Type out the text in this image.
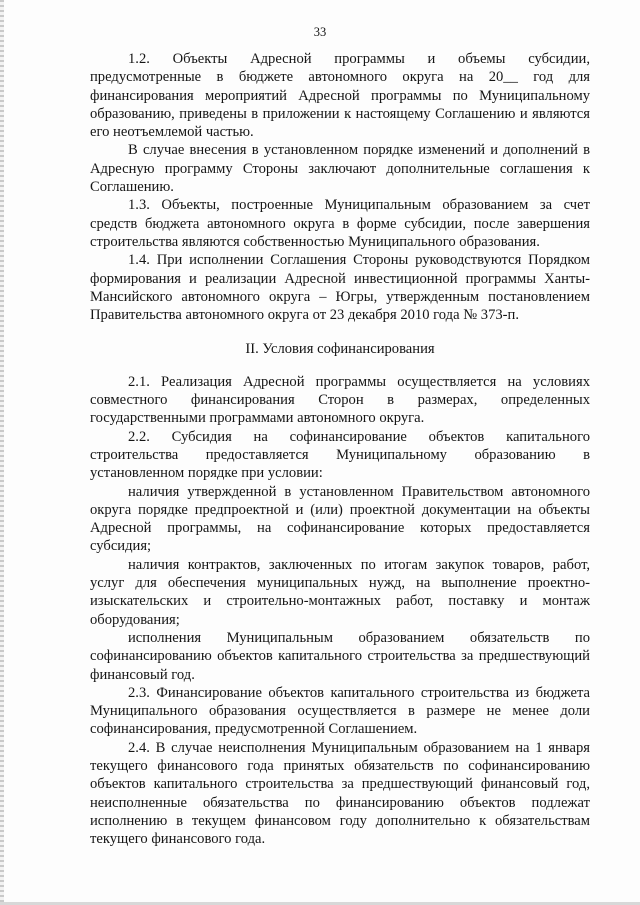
33

1.2. Объекты Адресной программы и объемы субсидии, предусмотренные в бюджете автономного округа на 20__ год для финансирования мероприятий Адресной программы по Муниципальному образованию, приведены в приложении к настоящему Соглашению и являются его неотъемлемой частью.

В случае внесения в установленном порядке изменений и дополнений в Адресную программу Стороны заключают дополнительные соглашения к Соглашению.

1.3. Объекты, построенные Муниципальным образованием за счет средств бюджета автономного округа в форме субсидии, после завершения строительства являются собственностью Муниципального образования.

1.4. При исполнении Соглашения Стороны руководствуются Порядком формирования и реализации Адресной инвестиционной программы Ханты-Мансийского автономного округа – Югры, утвержденным постановлением Правительства автономного округа от 23 декабря 2010 года № 373-п.

II. Условия софинансирования

2.1. Реализация Адресной программы осуществляется на условиях совместного финансирования Сторон в размерах, определенных государственными программами автономного округа.

2.2. Субсидия на софинансирование объектов капитального строительства предоставляется Муниципальному образованию в установленном порядке при условии:

наличия утвержденной в установленном Правительством автономного округа порядке предпроектной и (или) проектной документации на объекты Адресной программы, на софинансирование которых предоставляется субсидия;

наличия контрактов, заключенных по итогам закупок товаров, работ, услуг для обеспечения муниципальных нужд, на выполнение проектно-изыскательских и строительно-монтажных работ, поставку и монтаж оборудования;

исполнения Муниципальным образованием обязательств по софинансированию объектов капитального строительства за предшествующий финансовый год.

2.3. Финансирование объектов капитального строительства из бюджета Муниципального образования осуществляется в размере не менее доли софинансирования, предусмотренной Соглашением.

2.4. В случае неисполнения Муниципальным образованием на 1 января текущего финансового года принятых обязательств по софинансированию объектов капитального строительства за предшествующий финансовый год, неисполненные обязательства по финансированию объектов подлежат исполнению в текущем финансовом году дополнительно к обязательствам текущего финансового года.
